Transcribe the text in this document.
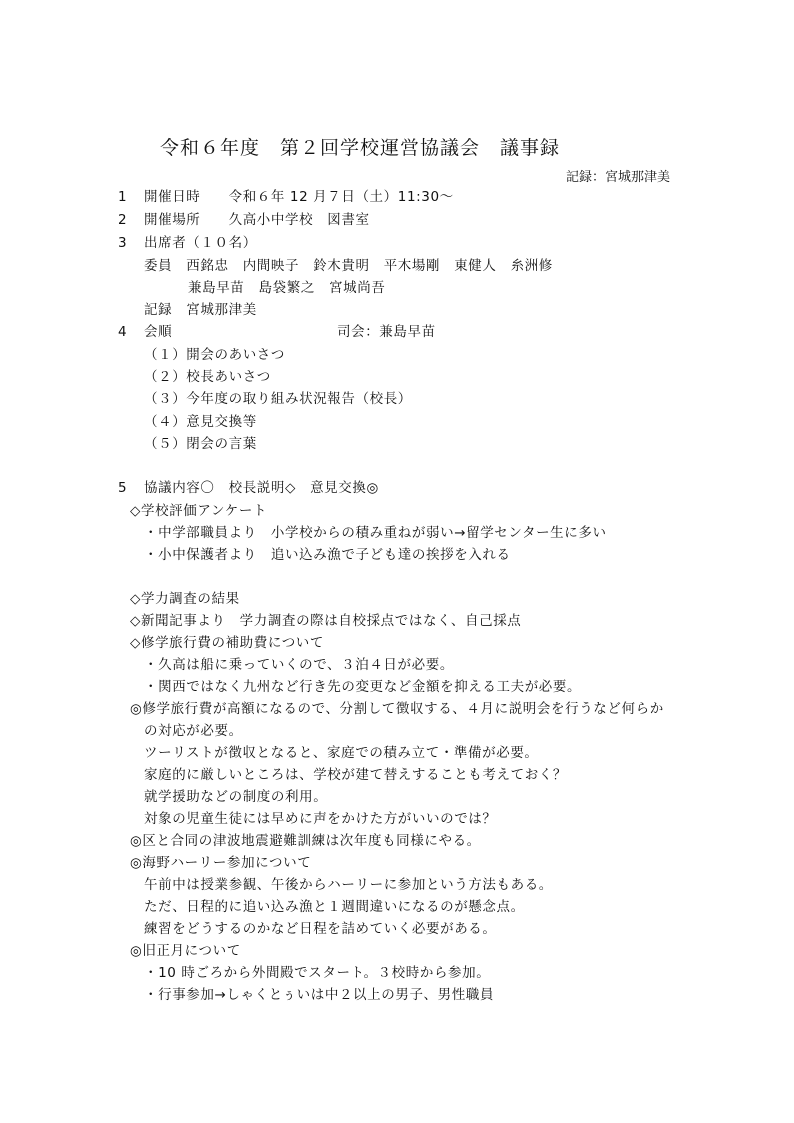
令和６年度　第２回学校運営協議会　議事録
記録：宮城那津美
1 開催日時　　令和６年 12 月７日（土）11:30～
2 開催場所　　久高小中学校　図書室
3 出席者（１０名）
委員　西銘忠　内間映子　鈴木貴明　平木場剛　東健人　糸洲修
兼島早苗　島袋繁之　宮城尚吾
記録　宮城那津美
4 会順	司会：兼島早苗
（１）開会のあいさつ
（２）校長あいさつ
（３）今年度の取り組み状況報告（校長）
（４）意見交換等
（５）閉会の言葉
5 協議内容〇　校長説明◇　意見交換◎
◇学校評価アンケート
・中学部職員より　小学校からの積み重ねが弱い→留学センター生に多い
・小中保護者より　追い込み漁で子ども達の挨拶を入れる
◇学力調査の結果
◇新聞記事より　学力調査の際は自校採点ではなく、自己採点
◇修学旅行費の補助費について
・久高は船に乗っていくので、３泊４日が必要。
・関西ではなく九州など行き先の変更など金額を抑える工夫が必要。
◎修学旅行費が高額になるので、分割して徴収する、４月に説明会を行うなど何らか
の対応が必要。
ツーリストが徴収となると、家庭での積み立て・準備が必要。
家庭的に厳しいところは、学校が建て替えすることも考えておく？
就学援助などの制度の利用。
対象の児童生徒には早めに声をかけた方がいいのでは？
◎区と合同の津波地震避難訓練は次年度も同様にやる。
◎海野ハーリー参加について
午前中は授業参観、午後からハーリーに参加という方法もある。
ただ、日程的に追い込み漁と１週間違いになるのが懸念点。
練習をどうするのかなど日程を詰めていく必要がある。
◎旧正月について
・10 時ごろから外間殿でスタート。３校時から参加。
・行事参加→しゃくとぅいは中２以上の男子、男性職員
